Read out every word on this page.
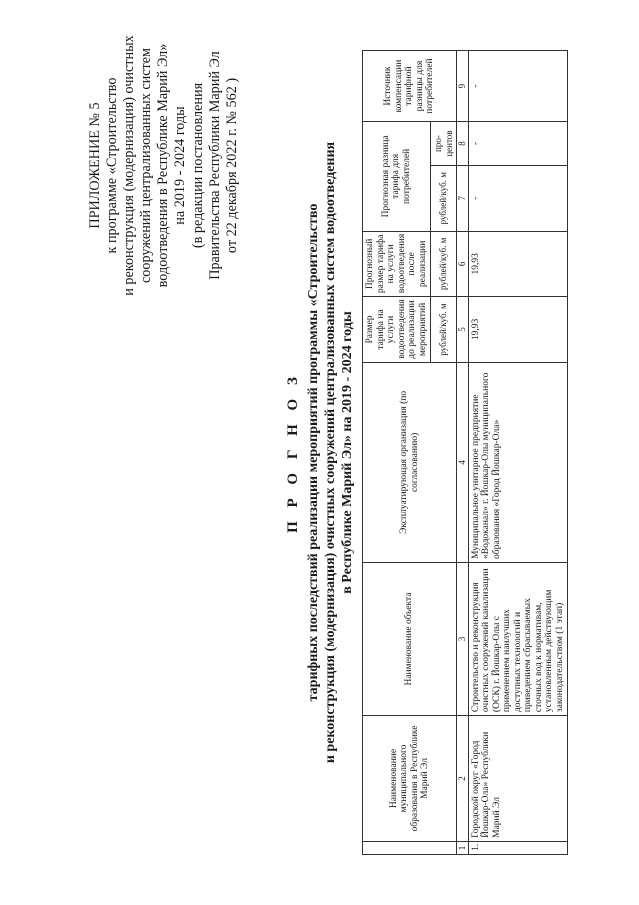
ПРИЛОЖЕНИЕ № 5 к программе «Строительство и реконструкция (модернизация) очистных сооружений централизованных систем водоотведения в Республике Марий Эл» на 2019 - 2024 годы (в редакции постановления Правительства Республики Марий Эл от 22 декабря 2022 г. № 562 )
П Р О Г Н О З тарифных последствий реализации мероприятий программы «Строительство и реконструкция (модернизация) очистных сооружений централизованных систем водоотведения в Республике Марий Эл» на 2019 - 2024 годы
	Наименование муниципального образования в Республике Марий Эл	Наименование объекта	Эксплуатирующая организация (по согласованию)	Размер тарифа на услуги водоотведения до реализации мероприятий	Прогнозный размер тарифа на услуги водоотведения после реализации	Прогнозная разница тарифа для потребителей		Источник компенсации тарифной разницы для потребителей
				рублей/куб. м	рублей/куб. м	рублей/куб. м	про-центов	
1	2	3	4	5	6	7	8	9
1.	Городской округ «Город Йошкар-Ола» Республики Марий Эл	Строительство и реконструкция очистных сооружений канализации (ОСК) г. Йошкар-Олы с применением наилучших доступных технологий и приведением сбрасываемых сточных вод к нормативам, установленным действующим законодательством (1 этап)	Муниципальное унитарное предприятие «Водоканал» г. Йошкар-Олы муниципального образования «Город Йошкар-Ола»	19,93	19,93	-	-	-
